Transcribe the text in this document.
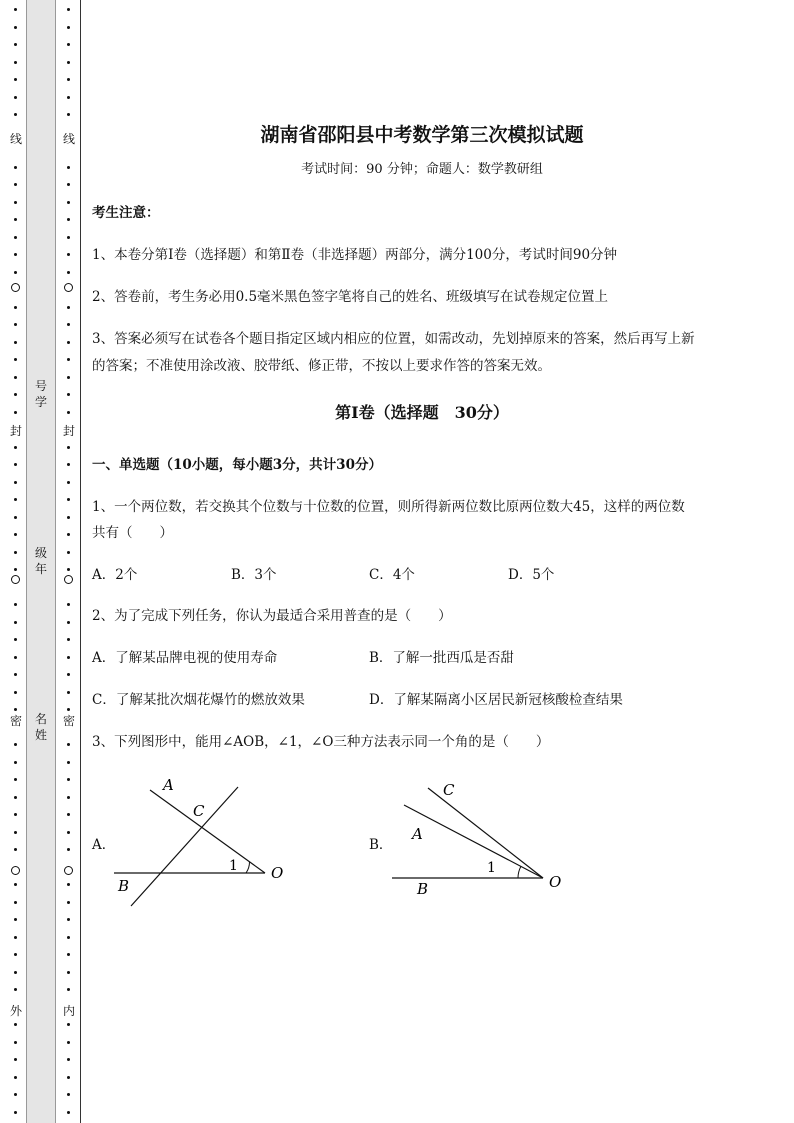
线
封
密
外
线
封
密
内
号学
级年
名姓
湖南省邵阳县中考数学第三次模拟试题
考试时间：90 分钟；命题人：数学教研组
考生注意：
1、本卷分第Ⅰ卷（选择题）和第Ⅱ卷（非选择题）两部分，满分100分，考试时间90分钟
2、答卷前，考生务必用0.5毫米黑色签字笔将自己的姓名、班级填写在试卷规定位置上
3、答案必须写在试卷各个题目指定区域内相应的位置，如需改动，先划掉原来的答案，然后再写上新
的答案；不准使用涂改液、胶带纸、修正带，不按以上要求作答的答案无效。
第Ⅰ卷（选择题　30分）
一、单选题（10小题，每小题3分，共计30分）
1、一个两位数，若交换其个位数与十位数的位置，则所得新两位数比原两位数大45，这样的两位数
共有（　　）
A．2个	B．3个	C．4个	D．5个
2、为了完成下列任务，你认为最适合采用普查的是（　　）
A．了解某品牌电视的使用寿命	B．了解一批西瓜是否甜
C．了解某批次烟花爆竹的燃放效果	D．了解某隔离小区居民新冠核酸检查结果
3、下列图形中，能用∠AOB，∠1，∠O三种方法表示同一个角的是（　　）
A．	B．
A
C
B
O
1
C
A
B	O
1
